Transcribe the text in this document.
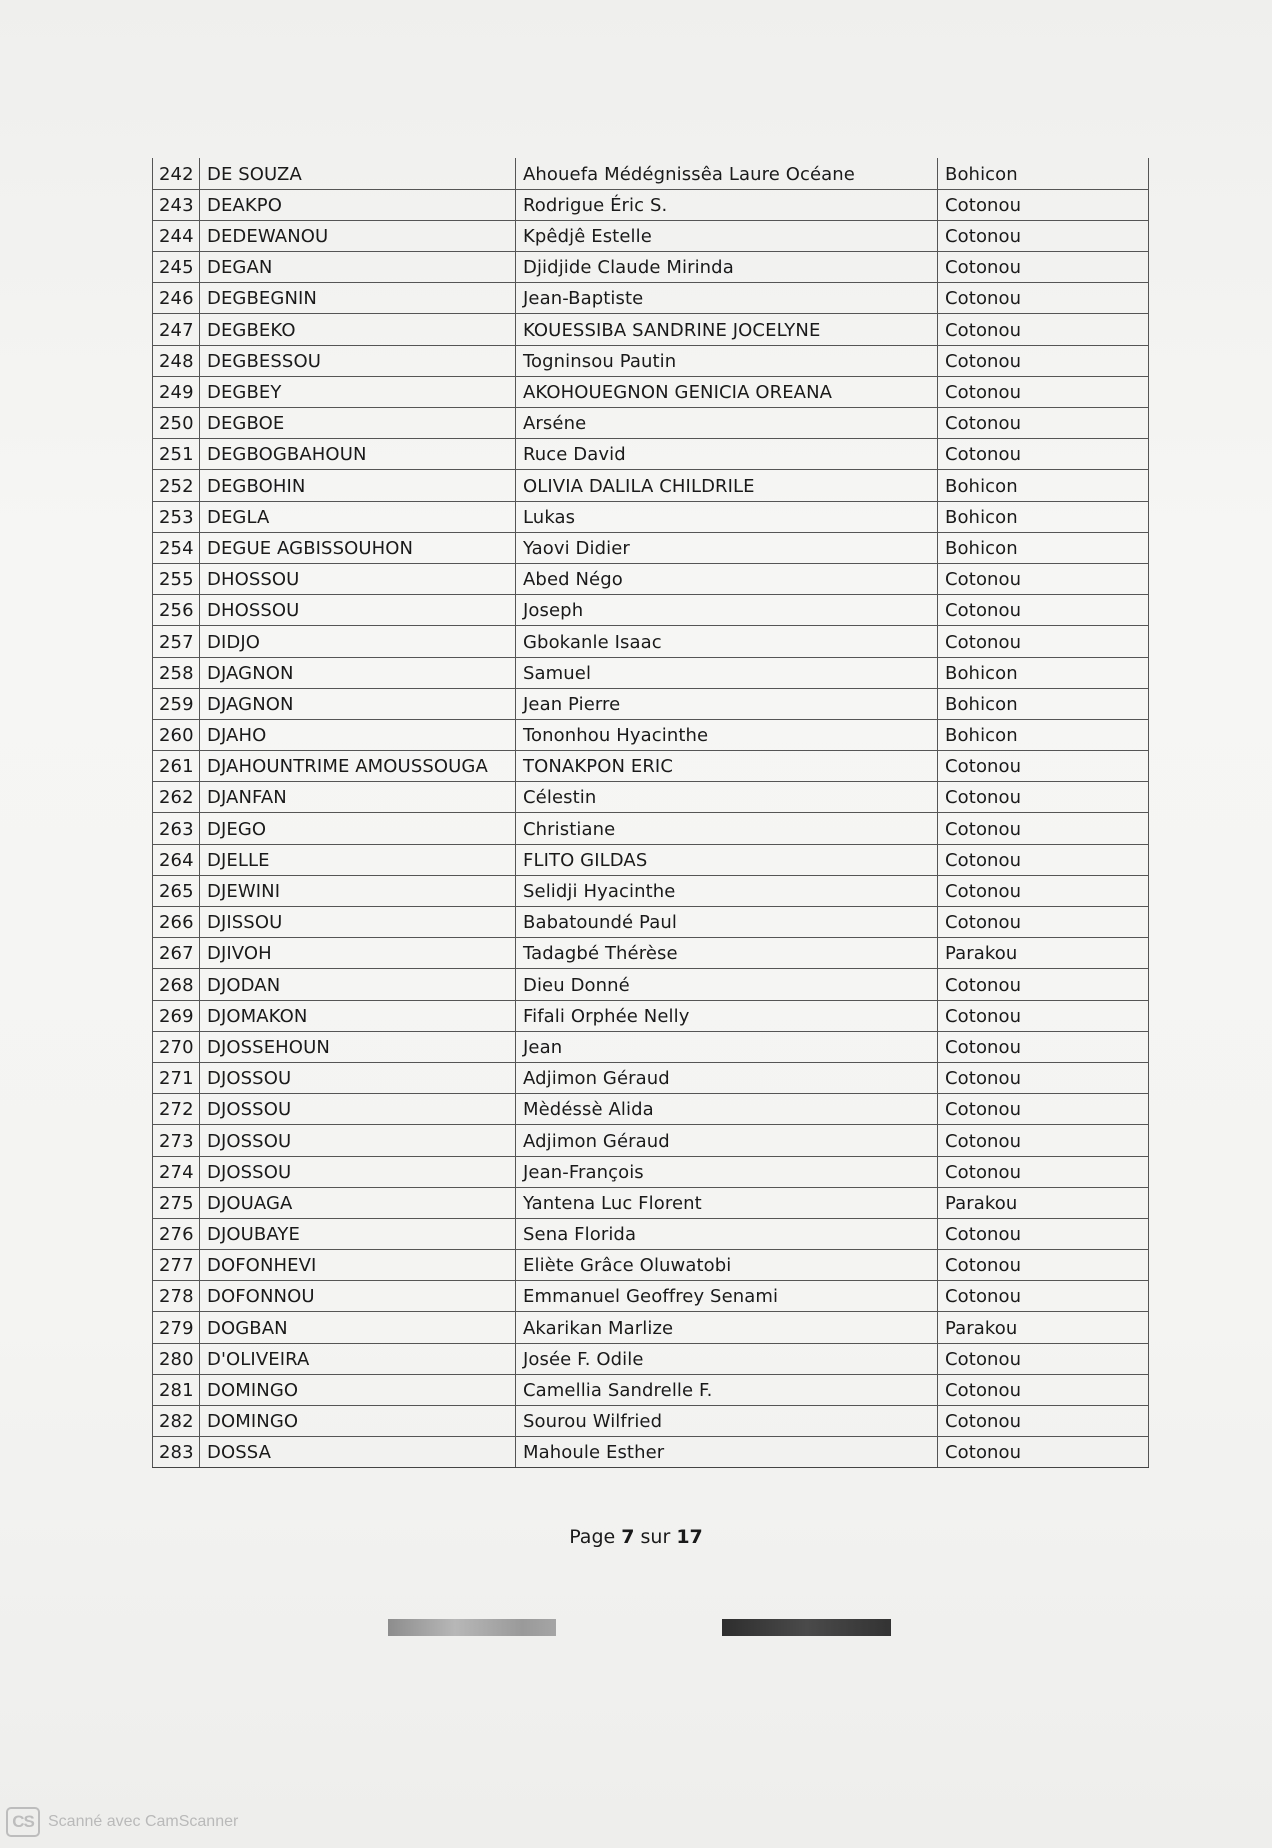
242	DE SOUZA	Ahouefa Médégnissêa Laure Océane	Bohicon
243	DEAKPO	Rodrigue Éric S.	Cotonou
244	DEDEWANOU	Kpêdjê Estelle	Cotonou
245	DEGAN	Djidjide Claude Mirinda	Cotonou
246	DEGBEGNIN	Jean-Baptiste	Cotonou
247	DEGBEKO	KOUESSIBA SANDRINE JOCELYNE	Cotonou
248	DEGBESSOU	Togninsou Pautin	Cotonou
249	DEGBEY	AKOHOUEGNON GENICIA OREANA	Cotonou
250	DEGBOE	Arséne	Cotonou
251	DEGBOGBAHOUN	Ruce David	Cotonou
252	DEGBOHIN	OLIVIA DALILA CHILDRILE	Bohicon
253	DEGLA	Lukas	Bohicon
254	DEGUE AGBISSOUHON	Yaovi Didier	Bohicon
255	DHOSSOU	Abed Négo	Cotonou
256	DHOSSOU	Joseph	Cotonou
257	DIDJO	Gbokanle Isaac	Cotonou
258	DJAGNON	Samuel	Bohicon
259	DJAGNON	Jean Pierre	Bohicon
260	DJAHO	Tononhou Hyacinthe	Bohicon
261	DJAHOUNTRIME AMOUSSOUGA	TONAKPON ERIC	Cotonou
262	DJANFAN	Célestin	Cotonou
263	DJEGO	Christiane	Cotonou
264	DJELLE	FLITO GILDAS	Cotonou
265	DJEWINI	Selidji Hyacinthe	Cotonou
266	DJISSOU	Babatoundé Paul	Cotonou
267	DJIVOH	Tadagbé Thérèse	Parakou
268	DJODAN	Dieu Donné	Cotonou
269	DJOMAKON	Fifali Orphée Nelly	Cotonou
270	DJOSSEHOUN	Jean	Cotonou
271	DJOSSOU	Adjimon Géraud	Cotonou
272	DJOSSOU	Mèdéssè Alida	Cotonou
273	DJOSSOU	Adjimon Géraud	Cotonou
274	DJOSSOU	Jean-François	Cotonou
275	DJOUAGA	Yantena Luc Florent	Parakou
276	DJOUBAYE	Sena Florida	Cotonou
277	DOFONHEVI	Eliète Grâce Oluwatobi	Cotonou
278	DOFONNOU	Emmanuel Geoffrey Senami	Cotonou
279	DOGBAN	Akarikan Marlize	Parakou
280	D'OLIVEIRA	Josée F. Odile	Cotonou
281	DOMINGO	Camellia Sandrelle F.	Cotonou
282	DOMINGO	Sourou Wilfried	Cotonou
283	DOSSA	Mahoule Esther	Cotonou
Page 7 sur 17
CS Scanné avec CamScanner
